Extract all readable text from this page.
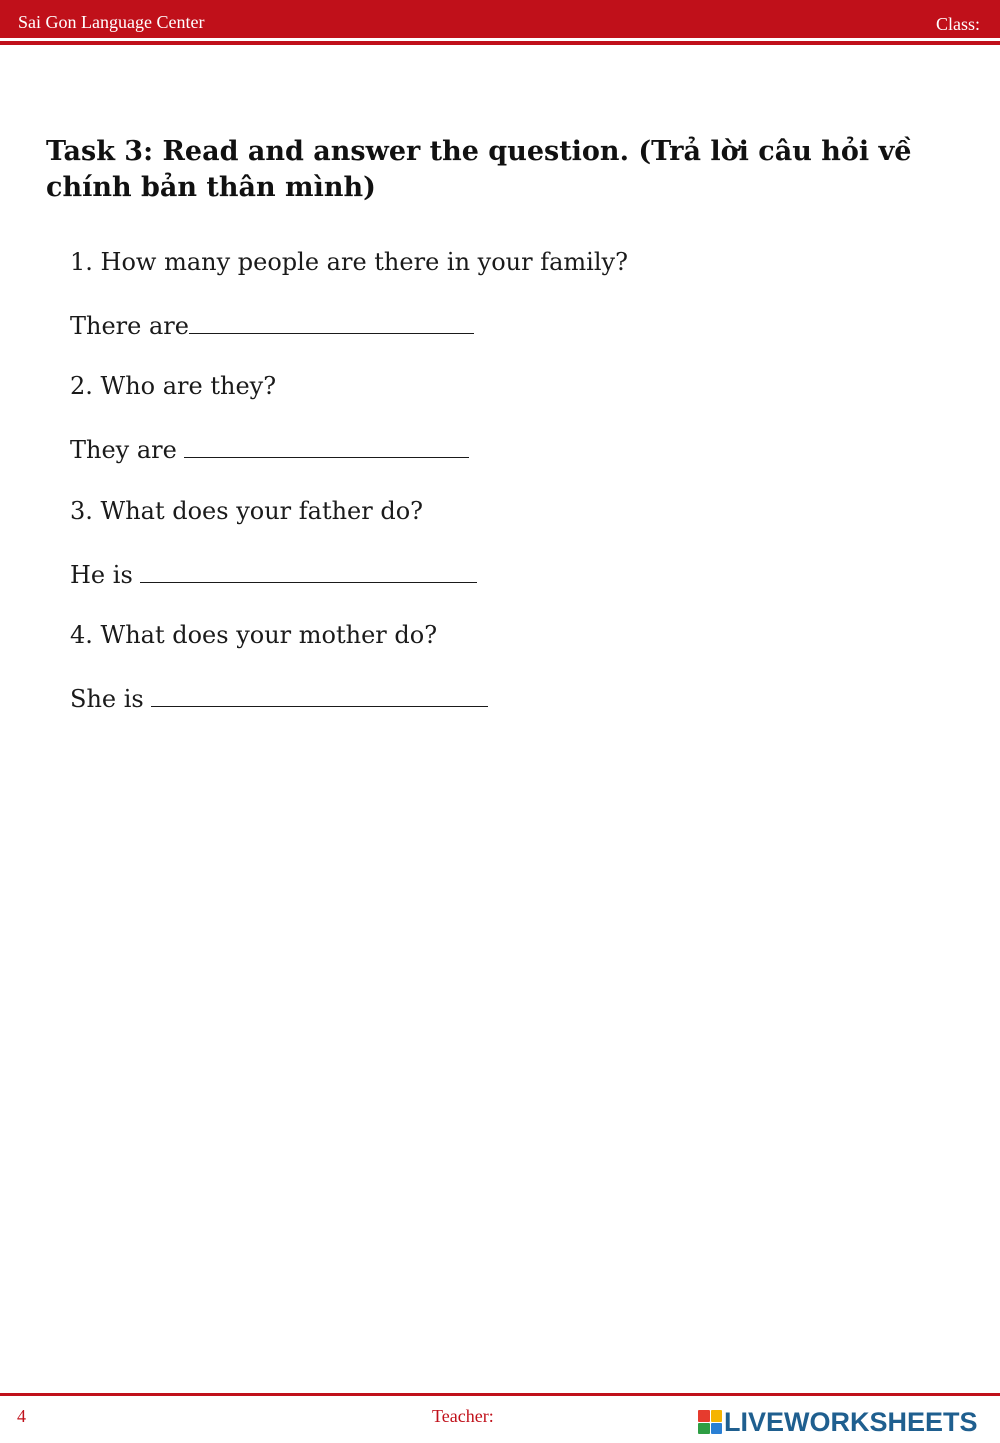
Sai Gon Language Center	Class:
Task 3: Read and answer the question. (Trả lời câu hỏi về chính bản thân mình)
1. How many people are there in your family?
There are
2. Who are they?
They are
3. What does your father do?
He is
4. What does your mother do?
She is
4	Teacher:	LIVEWORKSHEETS
